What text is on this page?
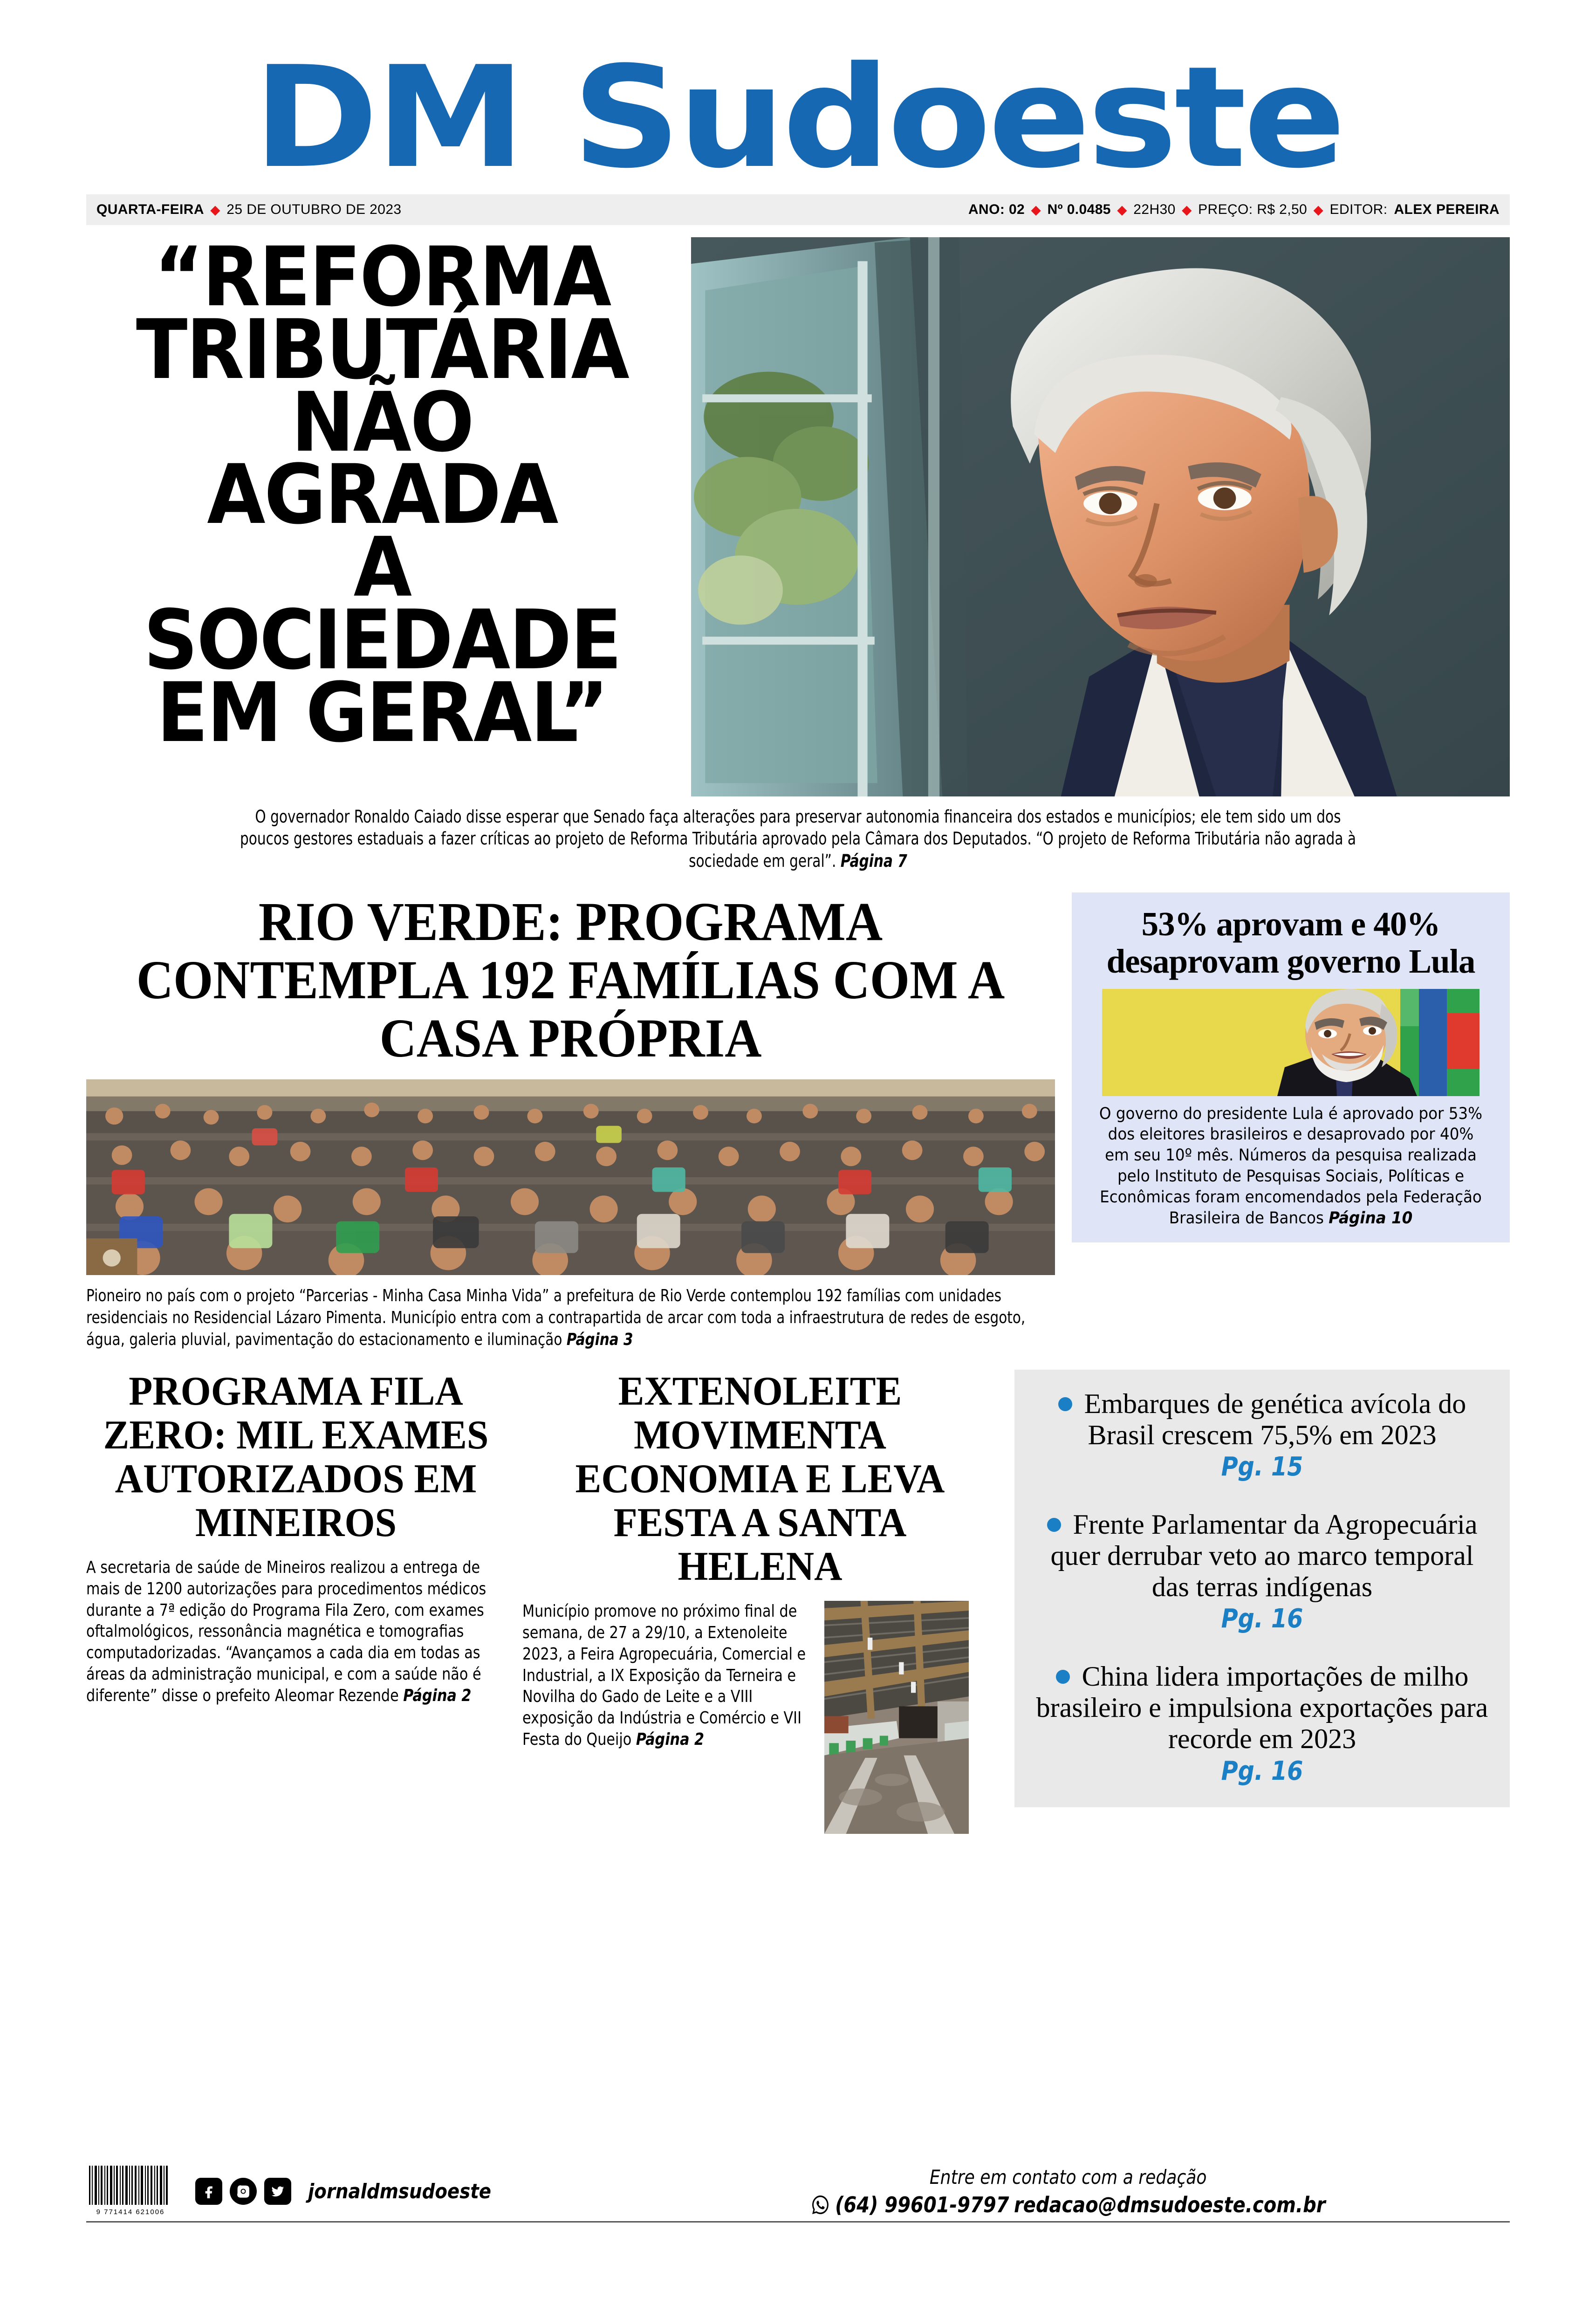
DM Sudoeste
QUARTA-FEIRA ◆ 25 DE OUTUBRO DE 2023	ANO: 02 ◆ Nº 0.0485 ◆ 22H30 ◆ PREÇO: R$ 2,50 ◆ EDITOR: ALEX PEREIRA
“REFORMA
TRIBUTÁRIA
NÃO AGRADA
A SOCIEDADE
EM GERAL”
O governador Ronaldo Caiado disse esperar que Senado faça alterações para preservar autonomia financeira dos estados e municípios; ele tem sido um dos poucos gestores estaduais a fazer críticas ao projeto de Reforma Tributária aprovado pela Câmara dos Deputados. “O projeto de Reforma Tributária não agrada à sociedade em geral”. Página 7
RIO VERDE: PROGRAMA CONTEMPLA 192 FAMÍLIAS COM A CASA PRÓPRIA
Pioneiro no país com o projeto “Parcerias - Minha Casa Minha Vida” a prefeitura de Rio Verde contemplou 192 famílias com unidades residenciais no Residencial Lázaro Pimenta. Município entra com a contrapartida de arcar com toda a infraestrutura de redes de esgoto, água, galeria pluvial, pavimentação do estacionamento e iluminação Página 3
53% aprovam e 40% desaprovam governo Lula
O governo do presidente Lula é aprovado por 53% dos eleitores brasileiros e desaprovado por 40% em seu 10º mês. Números da pesquisa realizada pelo Instituto de Pesquisas Sociais, Políticas e Econômicas foram encomendados pela Federação Brasileira de Bancos Página 10
PROGRAMA FILA ZERO: MIL EXAMES AUTORIZADOS EM MINEIROS
A secretaria de saúde de Mineiros realizou a entrega de mais de 1200 autorizações para procedimentos médicos durante a 7ª edição do Programa Fila Zero, com exames oftalmológicos, ressonância magnética e tomografias computadorizadas. “Avançamos a cada dia em todas as áreas da administração municipal, e com a saúde não é diferente” disse o prefeito Aleomar Rezende Página 2
EXTENOLEITE MOVIMENTA ECONOMIA E LEVA FESTA A SANTA HELENA
Município promove no próximo final de semana, de 27 a 29/10, a Extenoleite 2023, a Feira Agropecuária, Comercial e Industrial, a IX Exposição da Terneira e Novilha do Gado de Leite e a VIII exposição da Indústria e Comércio e VII Festa do Queijo Página 2
Embarques de genética avícola do Brasil crescem 75,5% em 2023
Pg. 15
Frente Parlamentar da Agropecuária quer derrubar veto ao marco temporal das terras indígenas
Pg. 16
China lidera importações de milho brasileiro e impulsiona exportações para recorde em 2023
Pg. 16
9 771414 621006
jornaldmsudoeste
Entre em contato com a redação
(64) 99601-9797 redacao@dmsudoeste.com.br
